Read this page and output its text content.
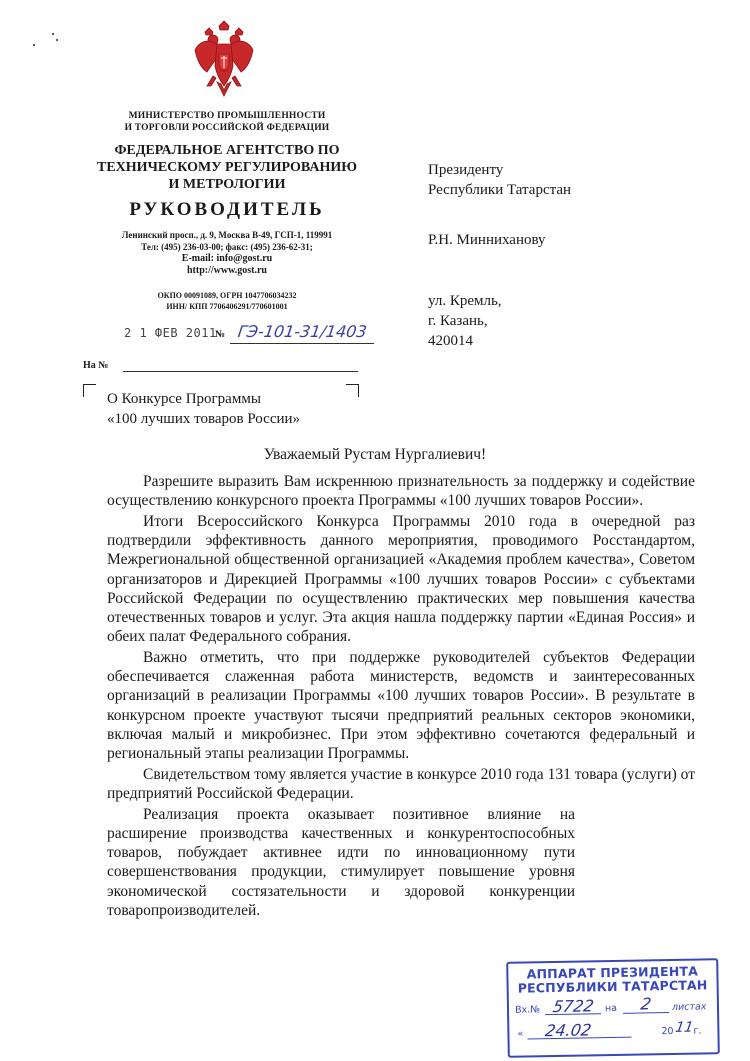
МИНИСТЕРСТВО ПРОМЫШЛЕННОСТИ
И ТОРГОВЛИ РОССИЙСКОЙ ФЕДЕРАЦИИ
ФЕДЕРАЛЬНОЕ АГЕНТСТВО ПО
ТЕХНИЧЕСКОМУ РЕГУЛИРОВАНИЮ
И МЕТРОЛОГИИ
РУКОВОДИТЕЛЬ
Ленинский просп., д. 9, Москва В-49, ГСП-1, 119991
Тел: (495) 236-03-00; факс: (495) 236-62-31;
E-mail: info@gost.ru
http://www.gost.ru
ОКПО 00091089, ОГРН 1047706034232
ИНН/ КПП 7706406291/770601001
2 1 ФЕВ 2011
№ ГЭ-101-31/1403
На №
Президенту
Республики Татарстан
Р.Н. Минниханову
ул. Кремль,
г. Казань,
420014
О Конкурсе Программы
«100 лучших товаров России»
Уважаемый Рустам Нургалиевич!

Разрешите выразить Вам искреннюю признательность за поддержку и содействие осуществлению конкурсного проекта Программы «100 лучших товаров России».

Итоги Всероссийского Конкурса Программы 2010 года в очередной раз подтвердили эффективность данного мероприятия, проводимого Росстандартом, Межрегиональной общественной организацией «Академия проблем качества», Советом организаторов и Дирекцией Программы «100 лучших товаров России» с субъектами Российской Федерации по осуществлению практических мер повышения качества отечественных товаров и услуг. Эта акция нашла поддержку партии «Единая Россия» и обеих палат Федерального собрания.

Важно отметить, что при поддержке руководителей субъектов Федерации обеспечивается слаженная работа министерств, ведомств и заинтересованных организаций в реализации Программы «100 лучших товаров России». В результате в конкурсном проекте участвуют тысячи предприятий реальных секторов экономики, включая малый и микробизнес. При этом эффективно сочетаются федеральный и региональный этапы реализации Программы.

Свидетельством тому является участие в конкурсе 2010 года 131 товара (услуги) от предприятий Российской Федерации.

Реализация проекта оказывает позитивное влияние на расширение производства качественных и конкурентоспособных товаров, побуждает активнее идти по инновационному пути совершенствования продукции, стимулирует повышение уровня экономической состязательности и здоровой конкуренции товаропроизводителей.

АППАРАТ ПРЕЗИДЕНТА
РЕСПУБЛИКИ ТАТАРСТАН
Вх.№ 5722 на 2 листах
« 24.02	20 11
г.
